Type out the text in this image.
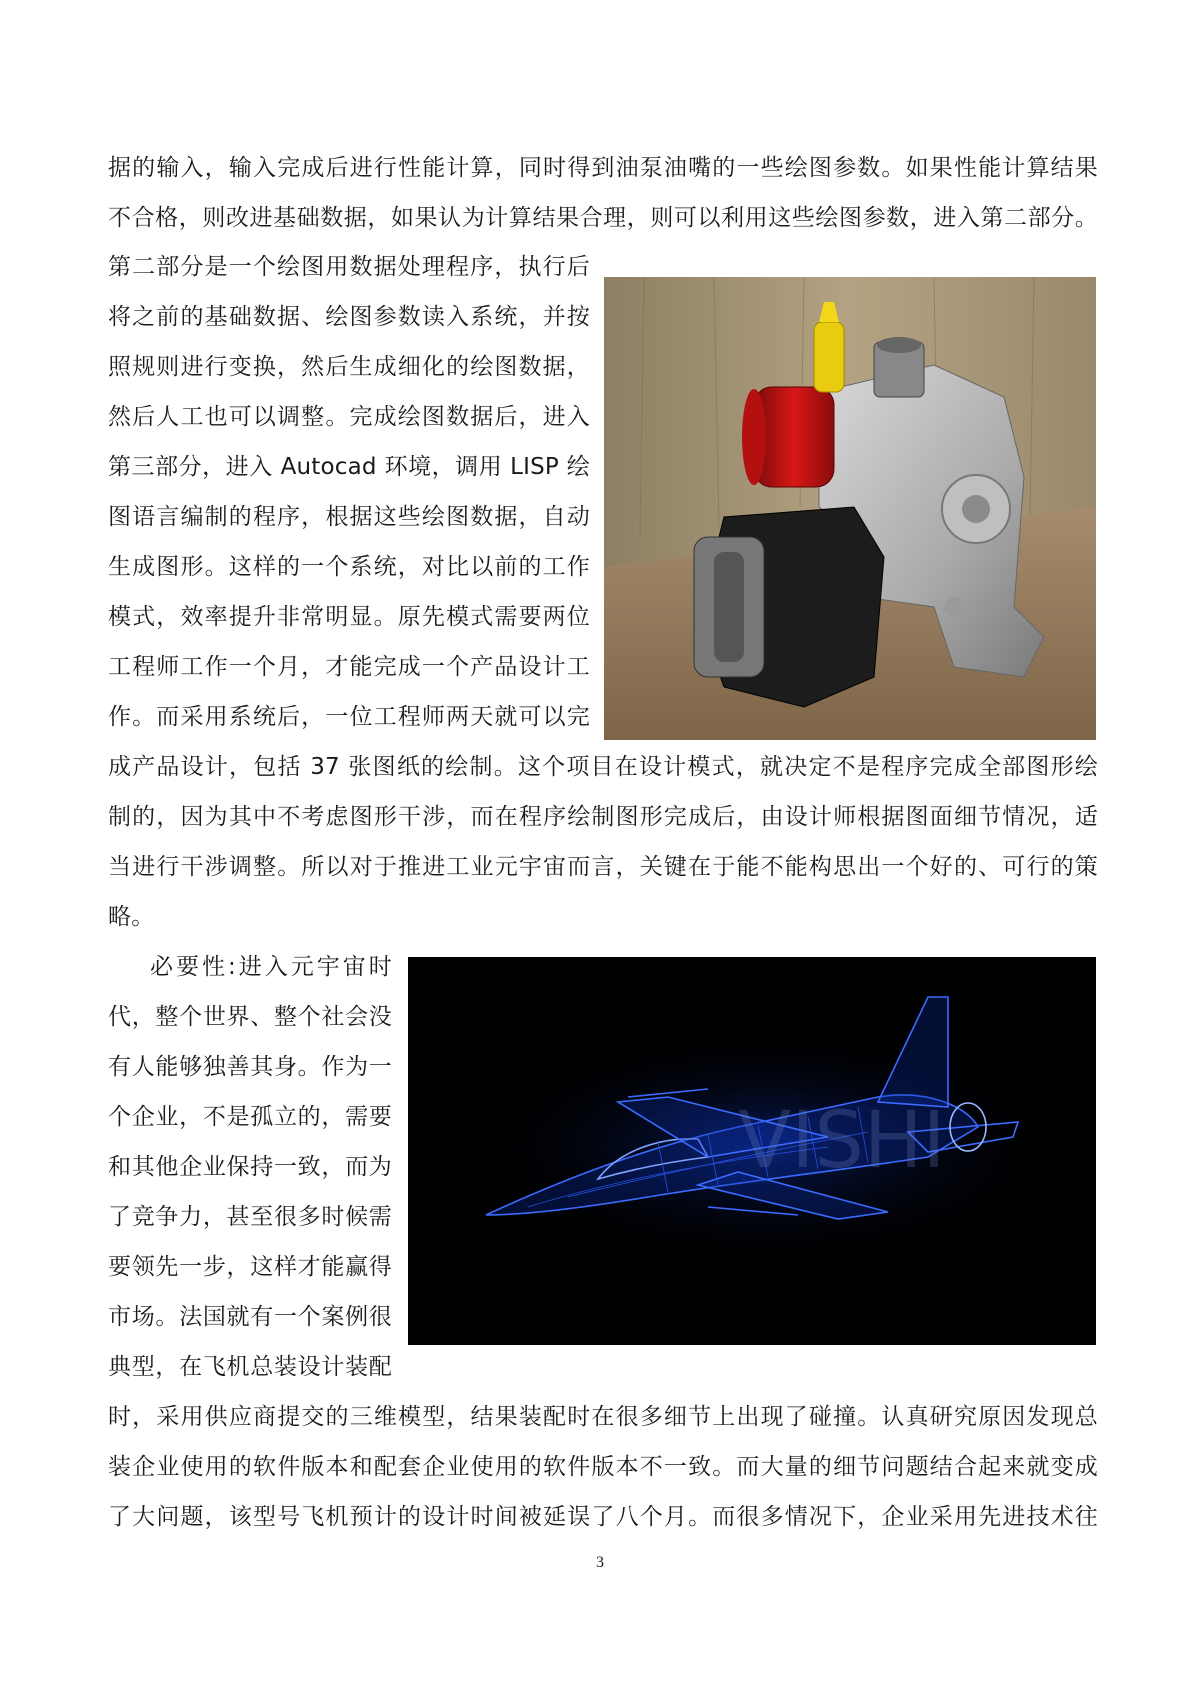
据的输入，输入完成后进行性能计算，同时得到油泵油嘴的一些绘图参数。如果性能计算结果
不合格，则改进基础数据，如果认为计算结果合理，则可以利用这些绘图参数，进入第二部分。
第二部分是一个绘图用数据处理程序，执行后
将之前的基础数据、绘图参数读入系统，并按
照规则进行变换，然后生成细化的绘图数据，
然后人工也可以调整。完成绘图数据后，进入
第三部分，进入 Autocad 环境，调用 LISP 绘
图语言编制的程序，根据这些绘图数据，自动
生成图形。这样的一个系统，对比以前的工作
模式，效率提升非常明显。原先模式需要两位
工程师工作一个月，才能完成一个产品设计工
作。而采用系统后，一位工程师两天就可以完
成产品设计，包括 37 张图纸的绘制。这个项目在设计模式，就决定不是程序完成全部图形绘
制的，因为其中不考虑图形干涉，而在程序绘制图形完成后，由设计师根据图面细节情况，适
当进行干涉调整。所以对于推进工业元宇宙而言，关键在于能不能构思出一个好的、可行的策
略。
必要性:进入元宇宙时
代，整个世界、整个社会没
有人能够独善其身。作为一
个企业，不是孤立的，需要
和其他企业保持一致，而为
了竞争力，甚至很多时候需
要领先一步，这样才能赢得
市场。法国就有一个案例很
典型，在飞机总装设计装配
VISHI
时，采用供应商提交的三维模型，结果装配时在很多细节上出现了碰撞。认真研究原因发现总
装企业使用的软件版本和配套企业使用的软件版本不一致。而大量的细节问题结合起来就变成
了大问题，该型号飞机预计的设计时间被延误了八个月。而很多情况下，企业采用先进技术往
3
